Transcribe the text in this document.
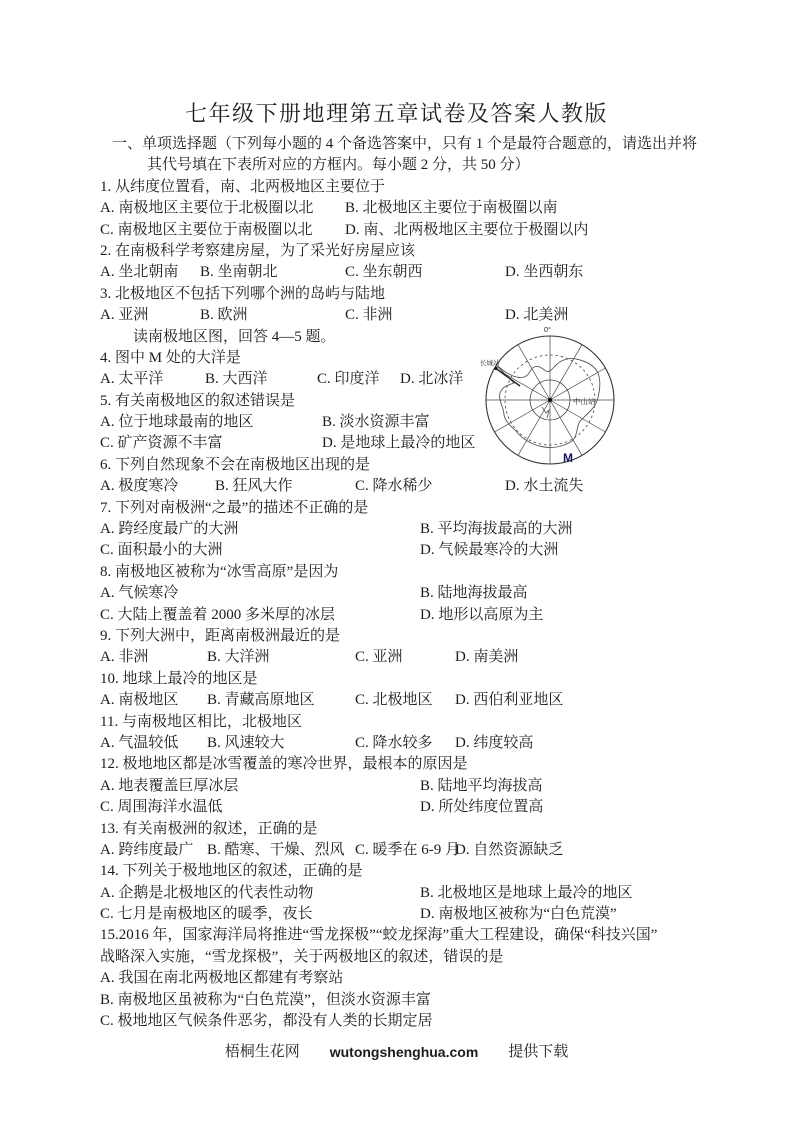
七年级下册地理第五章试卷及答案人教版
一、单项选择题（下列每小题的 4 个备选答案中，只有 1 个是最符合题意的，请选出并将
其代号填在下表所对应的方框内。每小题 2 分，共 50 分）
1. 从纬度位置看，南、北两极地区主要位于
A. 南极地区主要位于北极圈以北	B. 北极地区主要位于南极圈以南
C. 南极地区主要位于南极圈以北	D. 南、北两极地区主要位于极圈以内
2. 在南极科学考察建房屋，为了采光好房屋应该
A. 坐北朝南	B. 坐南朝北	C. 坐东朝西	D. 坐西朝东
3. 北极地区不包括下列哪个洲的岛屿与陆地
A. 亚洲	B. 欧洲	C. 非洲	D. 北美洲
读南极地区图，回答 4—5 题。
4. 图中 M 处的大洋是
A. 太平洋	B. 大西洋	C. 印度洋	D. 北冰洋
5. 有关南极地区的叙述错误是
A. 位于地球最南的地区	B. 淡水资源丰富
C. 矿产资源不丰富	D. 是地球上最冷的地区
6. 下列自然现象不会在南极地区出现的是
A. 极度寒冷	B. 狂风大作	C. 降水稀少	D. 水土流失
7. 下列对南极洲“之最”的描述不正确的是
A. 跨经度最广的大洲	B. 平均海拔最高的大洲
C. 面积最小的大洲	D. 气候最寒冷的大洲
8. 南极地区被称为“冰雪高原”是因为
A. 气候寒冷	B. 陆地海拔最高
C. 大陆上覆盖着 2000 多米厚的冰层	D. 地形以高原为主
9. 下列大洲中，距离南极洲最近的是
A. 非洲	B. 大洋洲	C. 亚洲	D. 南美洲
10. 地球上最冷的地区是
A. 南极地区	B. 青藏高原地区	C. 北极地区	D. 西伯利亚地区
11. 与南极地区相比，北极地区
A. 气温较低	B. 风速较大	C. 降水较多	D. 纬度较高
12. 极地地区都是冰雪覆盖的寒冷世界，最根本的原因是
A. 地表覆盖巨厚冰层	B. 陆地平均海拔高
C. 周围海洋水温低	D. 所处纬度位置高
13. 有关南极洲的叙述，正确的是
A. 跨纬度最广 B. 酷寒、干燥、烈风 C. 暖季在 6-9 月
D. 自然资源缺乏
14. 下列关于极地地区的叙述，正确的是
A. 企鹅是北极地区的代表性动物	B. 北极地区是地球上最冷的地区
C. 七月是南极地区的暖季，夜长	D. 南极地区被称为“白色荒漠”
15.2016 年，国家海洋局将推进“雪龙探极”“蛟龙探海”重大工程建设，确保“科技兴国”
战略深入实施，“雪龙探极”，关于两极地区的叙述，错误的是
A. 我国在南北两极地区都建有考察站
B. 南极地区虽被称为“白色荒漠”，但淡水资源丰富
C. 极地地区气候条件恶劣，都没有人类的长期定居
0°
长城站
中山站
M
梧桐生花网 wutongshenghua.com 提供下载
